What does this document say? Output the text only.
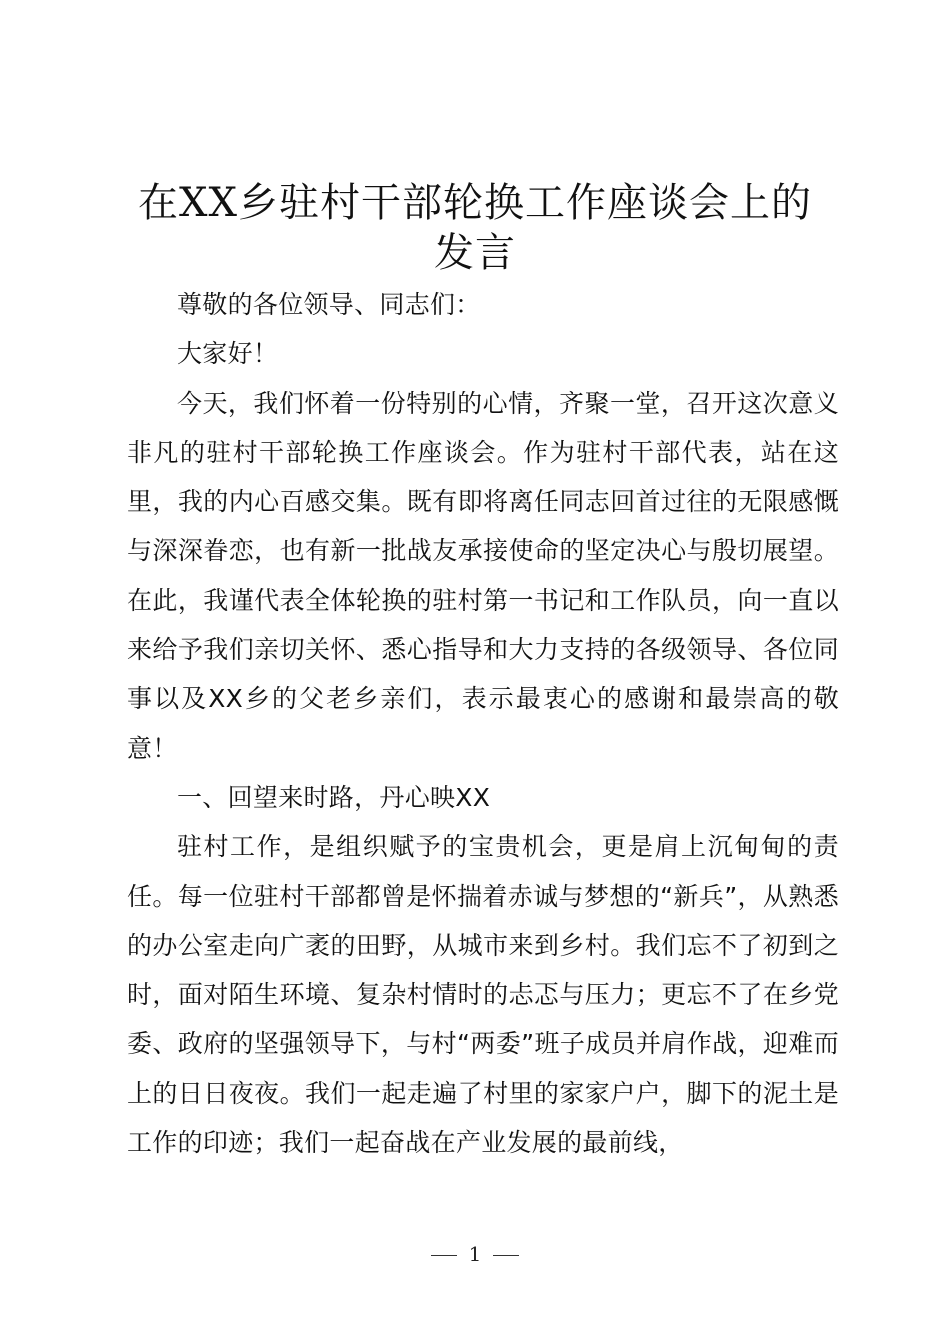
在XX乡驻村干部轮换工作座谈会上的发言

尊敬的各位领导、同志们：

大家好！

今天，我们怀着一份特别的心情，齐聚一堂，召开这次意义非凡的驻村干部轮换工作座谈会。作为驻村干部代表，站在这里，我的内心百感交集。既有即将离任同志回首过往的无限感慨与深深眷恋，也有新一批战友承接使命的坚定决心与殷切展望。在此，我谨代表全体轮换的驻村第一书记和工作队员，向一直以来给予我们亲切关怀、悉心指导和大力支持的各级领导、各位同事以及XX乡的父老乡亲们，表示最衷心的感谢和最崇高的敬意！

一、回望来时路，丹心映XX

驻村工作，是组织赋予的宝贵机会，更是肩上沉甸甸的责任。每一位驻村干部都曾是怀揣着赤诚与梦想的“新兵”，从熟悉的办公室走向广袤的田野，从城市来到乡村。我们忘不了初到之时，面对陌生环境、复杂村情时的忐忑与压力；更忘不了在乡党委、政府的坚强领导下，与村“两委”班子成员并肩作战，迎难而上的日日夜夜。我们一起走遍了村里的家家户户，脚下的泥土是工作的印迹；我们一起奋战在产业发展的最前线，

1
